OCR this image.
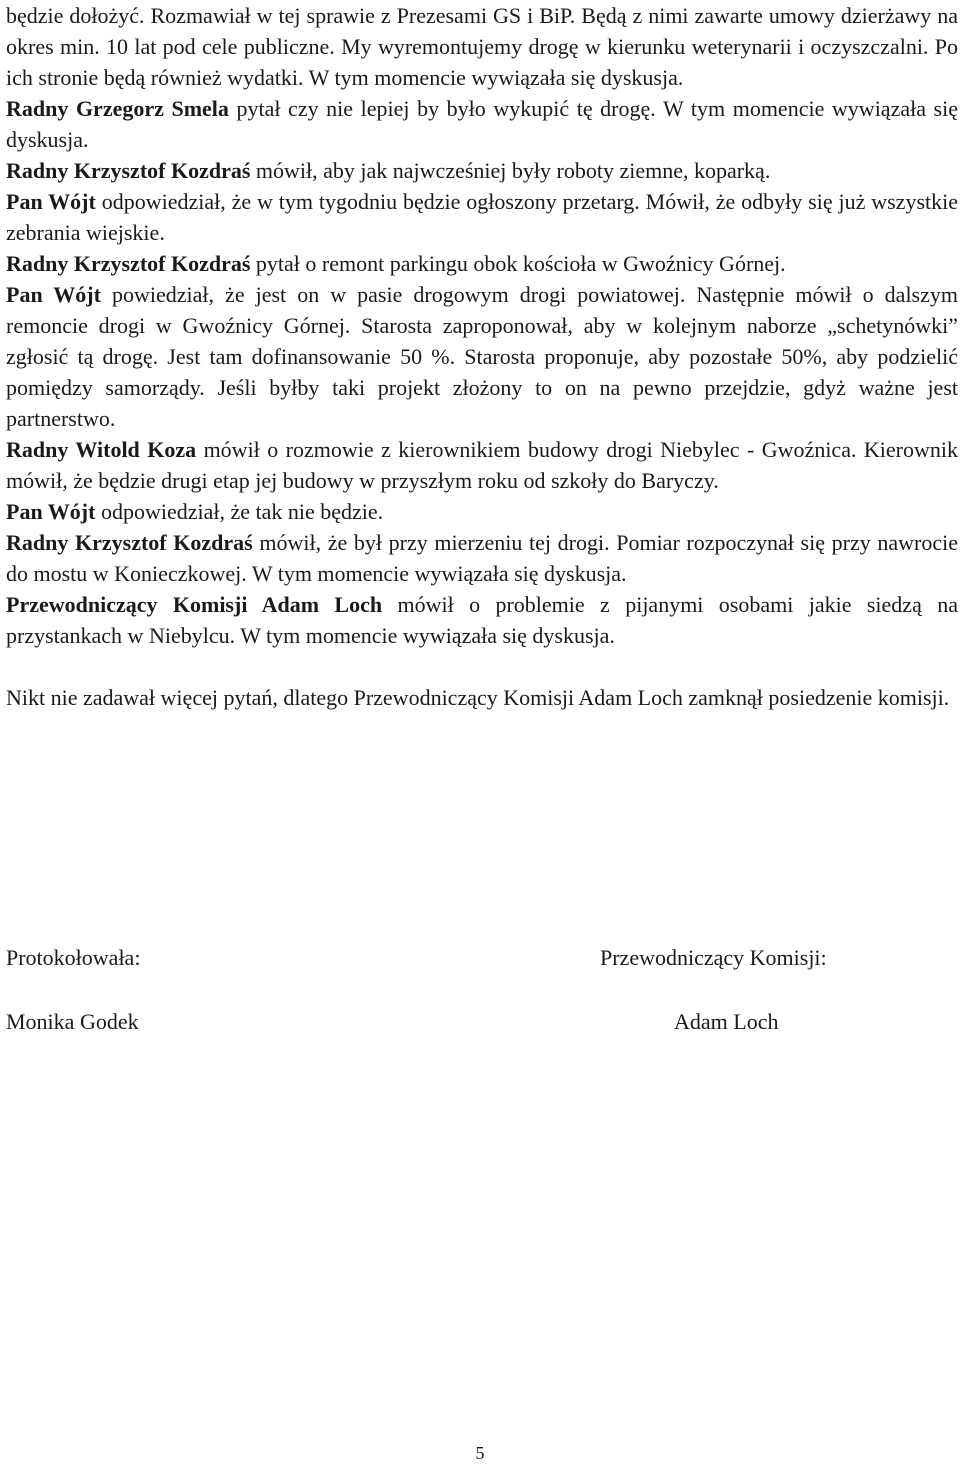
będzie dołożyć. Rozmawiał w tej sprawie z Prezesami GS i BiP. Będą z nimi zawarte umowy dzierżawy na okres min. 10 lat pod cele publiczne. My wyremontujemy drogę w kierunku weterynarii i oczyszczalni. Po ich stronie będą również wydatki. W tym momencie wywiązała się dyskusja.

Radny Grzegorz Smela pytał czy nie lepiej by było wykupić tę drogę. W tym momencie wywiązała się dyskusja.

Radny Krzysztof Kozdraś mówił, aby jak najwcześniej były roboty ziemne, koparką.

Pan Wójt odpowiedział, że w tym tygodniu będzie ogłoszony przetarg. Mówił, że odbyły się już wszystkie zebrania wiejskie.

Radny Krzysztof Kozdraś pytał o remont parkingu obok kościoła w Gwoźnicy Górnej.

Pan Wójt powiedział, że jest on w pasie drogowym drogi powiatowej. Następnie mówił o dalszym remoncie drogi w Gwoźnicy Górnej. Starosta zaproponował, aby w kolejnym naborze „schetynówki” zgłosić tą drogę. Jest tam dofinansowanie 50 %. Starosta proponuje, aby pozostałe 50%, aby podzielić pomiędzy samorządy. Jeśli byłby taki projekt złożony to on na pewno przejdzie, gdyż ważne jest partnerstwo.

Radny Witold Koza mówił o rozmowie z kierownikiem budowy drogi Niebylec - Gwoźnica. Kierownik mówił, że będzie drugi etap jej budowy w przyszłym roku od szkoły do Baryczy.

Pan Wójt odpowiedział, że tak nie będzie.

Radny Krzysztof Kozdraś mówił, że był przy mierzeniu tej drogi. Pomiar rozpoczynał się przy nawrocie do mostu w Konieczkowej. W tym momencie wywiązała się dyskusja.

Przewodniczący Komisji Adam Loch mówił o problemie z pijanymi osobami jakie siedzą na przystankach w Niebylcu. W tym momencie wywiązała się dyskusja.

Nikt nie zadawał więcej pytań, dlatego Przewodniczący Komisji Adam Loch zamknął posiedzenie komisji.

Protokołowała:

Monika Godek

Przewodniczący Komisji:

Adam Loch

5
